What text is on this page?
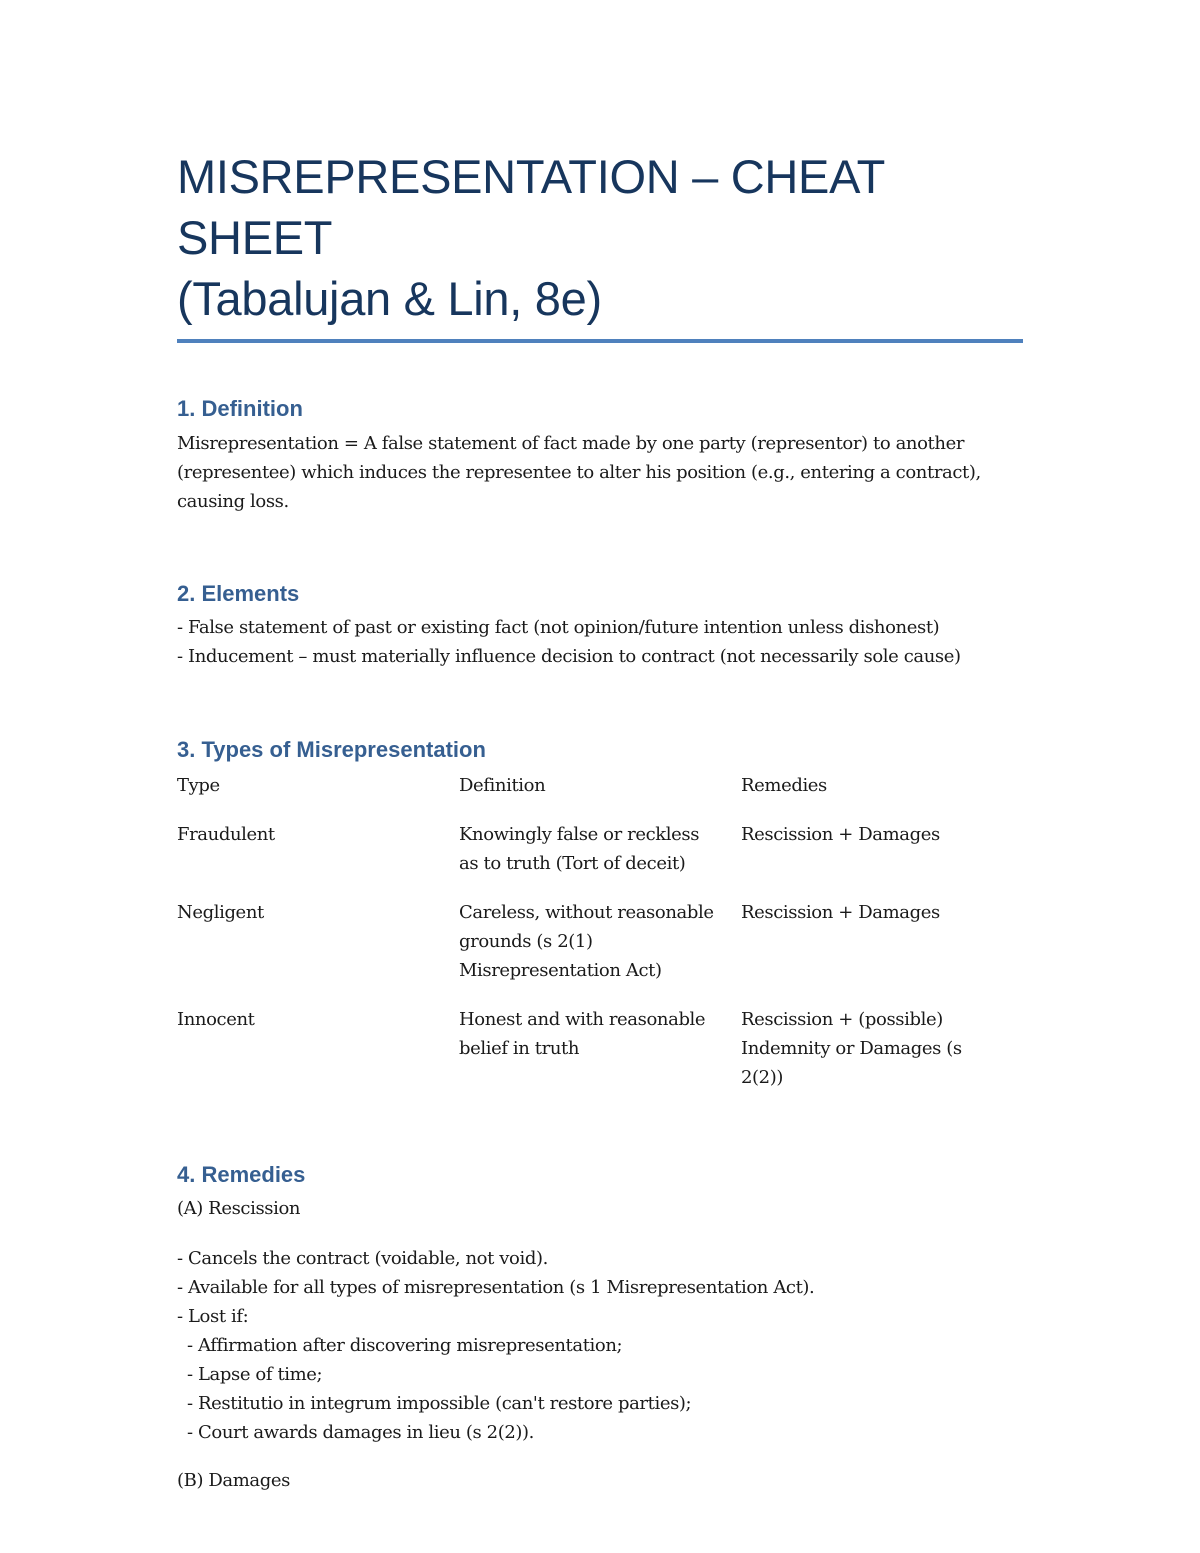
MISREPRESENTATION – CHEAT SHEET
(Tabalujan & Lin, 8e)
1. Definition

Misrepresentation = A false statement of fact made by one party (representor) to another (representee) which induces the representee to alter his position (e.g., entering a contract), causing loss.

2. Elements
- False statement of past or existing fact (not opinion/future intention unless dishonest)
- Inducement – must materially influence decision to contract (not necessarily sole cause)
3. Types of Misrepresentation
Type	Definition	Remedies

Fraudulent	Knowingly false or reckless as to truth (Tort of deceit)	Rescission + Damages

Negligent	Careless, without reasonable grounds (s 2(1) Misrepresentation Act)	Rescission + Damages

Innocent	Honest and with reasonable belief in truth	Rescission + (possible) Indemnity or Damages (s 2(2))
4. Remedies

(A) Rescission

- Cancels the contract (voidable, not void).
- Available for all types of misrepresentation (s 1 Misrepresentation Act).
- Lost if:
- Affirmation after discovering misrepresentation;
- Lapse of time;
- Restitutio in integrum impossible (can't restore parties);
- Court awards damages in lieu (s 2(2)).

(B) Damages
